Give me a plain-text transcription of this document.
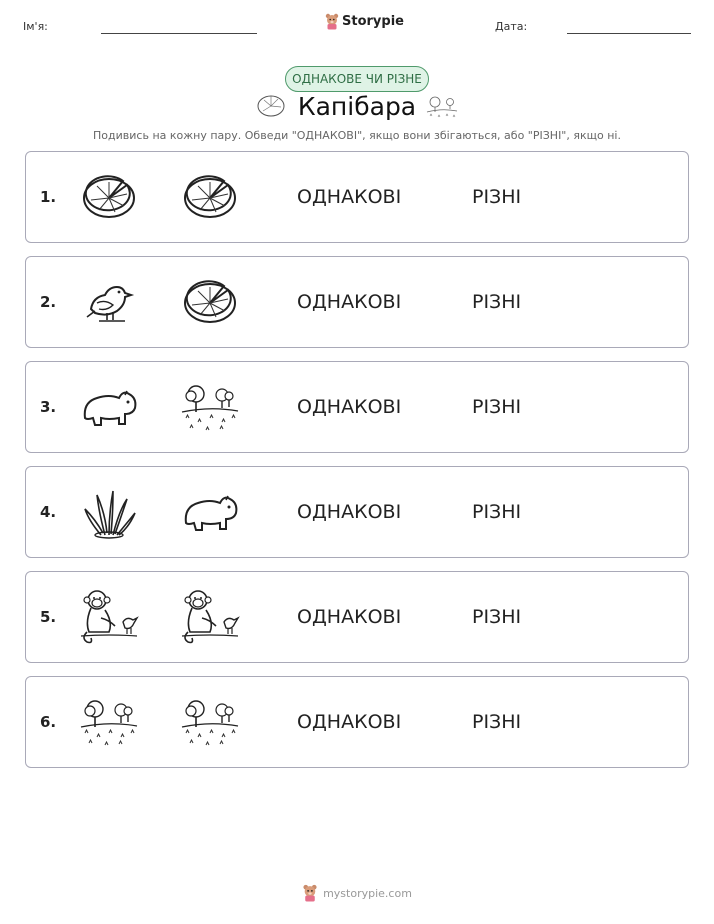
Ім'я:	Storypie	Дата:
ОДНАКОВЕ ЧИ РІЗНЕ
Капібара
Подивись на кожну пару. Обведи "ОДНАКОВІ", якщо вони збігаються, або "РІЗНІ", якщо ні.
1.	ОДНАКОВІ	РІЗНІ
2.	ОДНАКОВІ	РІЗНІ
3.	ОДНАКОВІ	РІЗНІ
4.	ОДНАКОВІ	РІЗНІ
5.	ОДНАКОВІ	РІЗНІ
6.	ОДНАКОВІ	РІЗНІ
mystorypie.com
